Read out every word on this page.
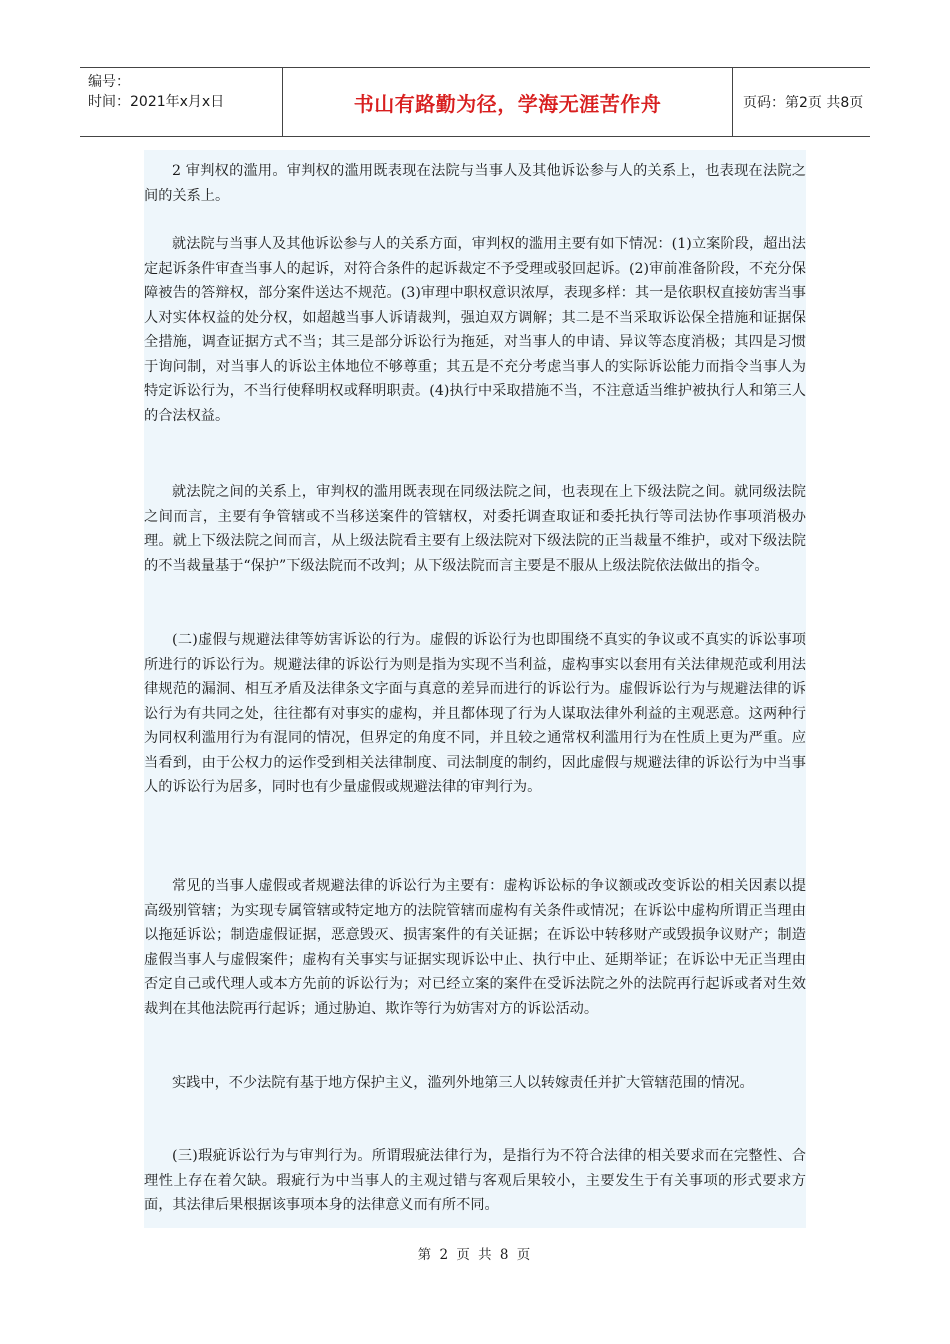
编号：
时间：2021年x月x日	书山有路勤为径，学海无涯苦作舟	页码：第2页 共8页

2 审判权的滥用。审判权的滥用既表现在法院与当事人及其他诉讼参与人的关系上，也表现在法院之间的关系上。

就法院与当事人及其他诉讼参与人的关系方面，审判权的滥用主要有如下情况：(1)立案阶段，超出法定起诉条件审查当事人的起诉，对符合条件的起诉裁定不予受理或驳回起诉。(2)审前准备阶段，不充分保障被告的答辩权，部分案件送达不规范。(3)审理中职权意识浓厚，表现多样：其一是依职权直接妨害当事人对实体权益的处分权，如超越当事人诉请裁判，强迫双方调解；其二是不当采取诉讼保全措施和证据保全措施，调查证据方式不当；其三是部分诉讼行为拖延，对当事人的申请、异议等态度消极；其四是习惯于询问制，对当事人的诉讼主体地位不够尊重；其五是不充分考虑当事人的实际诉讼能力而指令当事人为特定诉讼行为，不当行使释明权或释明职责。(4)执行中采取措施不当，不注意适当维护被执行人和第三人的合法权益。

就法院之间的关系上，审判权的滥用既表现在同级法院之间，也表现在上下级法院之间。就同级法院之间而言，主要有争管辖或不当移送案件的管辖权，对委托调查取证和委托执行等司法协作事项消极办理。就上下级法院之间而言，从上级法院看主要有上级法院对下级法院的正当裁量不维护，或对下级法院的不当裁量基于“保护”下级法院而不改判；从下级法院而言主要是不服从上级法院依法做出的指令。

(二)虚假与规避法律等妨害诉讼的行为。虚假的诉讼行为也即围绕不真实的争议或不真实的诉讼事项所进行的诉讼行为。规避法律的诉讼行为则是指为实现不当利益，虚构事实以套用有关法律规范或利用法律规范的漏洞、相互矛盾及法律条文字面与真意的差异而进行的诉讼行为。虚假诉讼行为与规避法律的诉讼行为有共同之处，往往都有对事实的虚构，并且都体现了行为人谋取法律外利益的主观恶意。这两种行为同权利滥用行为有混同的情况，但界定的角度不同，并且较之通常权利滥用行为在性质上更为严重。应当看到，由于公权力的运作受到相关法律制度、司法制度的制约，因此虚假与规避法律的诉讼行为中当事人的诉讼行为居多，同时也有少量虚假或规避法律的审判行为。

常见的当事人虚假或者规避法律的诉讼行为主要有：虚构诉讼标的争议额或改变诉讼的相关因素以提高级别管辖；为实现专属管辖或特定地方的法院管辖而虚构有关条件或情况；在诉讼中虚构所谓正当理由以拖延诉讼；制造虚假证据，恶意毁灭、损害案件的有关证据；在诉讼中转移财产或毁损争议财产；制造虚假当事人与虚假案件；虚构有关事实与证据实现诉讼中止、执行中止、延期举证；在诉讼中无正当理由否定自己或代理人或本方先前的诉讼行为；对已经立案的案件在受诉法院之外的法院再行起诉或者对生效裁判在其他法院再行起诉；通过胁迫、欺诈等行为妨害对方的诉讼活动。

实践中，不少法院有基于地方保护主义，滥列外地第三人以转嫁责任并扩大管辖范围的情况。

(三)瑕疵诉讼行为与审判行为。所谓瑕疵法律行为，是指行为不符合法律的相关要求而在完整性、合理性上存在着欠缺。瑕疵行为中当事人的主观过错与客观后果较小，主要发生于有关事项的形式要求方面，其法律后果根据该事项本身的法律意义而有所不同。

第 2 页 共 8 页
